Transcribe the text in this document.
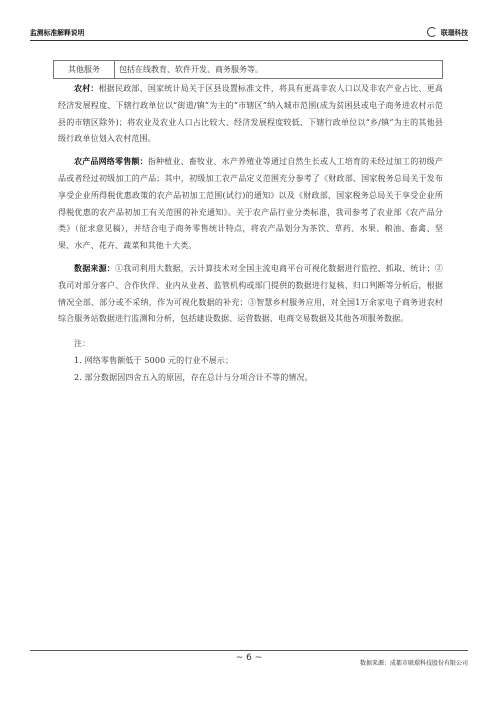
监测标准解释说明	联璟科技
其他服务	包括在线教育、软件开发、商务服务等。

农村：根据民政部、国家统计局关于区县设置标准文件，将具有更高非农人口以及非农产业占比、更高经济发展程度、下辖行政单位以“街道/镇”为主的“市辖区”纳入城市范围(成为贫困县或电子商务进农村示范县的市辖区除外)；将农业及农业人口占比较大、经济发展程度较低、下辖行政单位以“乡/镇”为主的其他县级行政单位划入农村范围。

农产品网络零售额：指种植业、畜牧业、水产养殖业等通过自然生长或人工培育的未经过加工的初级产品或者经过初级加工的产品；其中，初级加工农产品定义范围充分参考了《财政部、国家税务总局关于发布享受企业所得税优惠政策的农产品初加工范围(试行)的通知》以及《财政部、国家税务总局关于享受企业所得税优惠的农产品初加工有关范围的补充通知》。关于农产品行业分类标准，我司参考了农业部《农产品分类》（征求意见稿），并结合电子商务零售统计特点，将农产品划分为茶饮、草药、水果、粮油、畜禽、坚果、水产、花卉、蔬菜和其他十大类。

数据来源：①我司利用大数据，云计算技术对全国主流电商平台可视化数据进行监控、抓取、统计；②我司对部分客户、合作伙伴、业内从业者、监管机构或部门提供的数据进行复核、归口判断等分析后，根据情况全部、部分或不采纳，作为可视化数据的补充；③智慧乡村服务应用，对全国1万余家电子商务进农村综合服务站数据进行监测和分析，包括建设数据、运营数据、电商交易数据及其他各项服务数据。

注：

1. 网络零售额低于 5000 元的行业不展示；

2. 部分数据因四舍五入的原因，存在总计与分项合计不等的情况。

~ 6 ~
数据来源：成都市联璟科技股份有限公司
